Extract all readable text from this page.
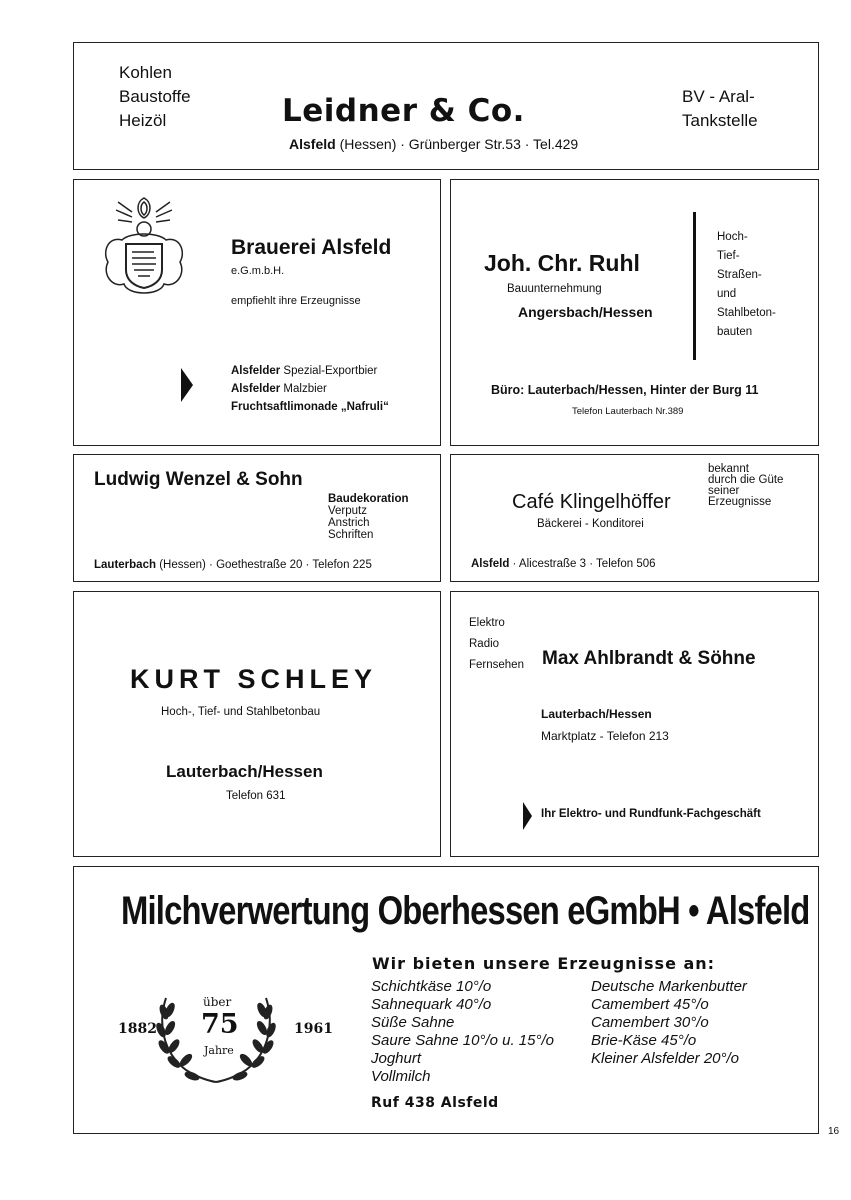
Kohlen
Baustoffe
Heizöl	Leidner & Co.
Alsfeld (Hessen) · Grünberger Str.53 · Tel.429
BV - Aral-
Tankstelle
Brauerei Alsfeld
e.G.m.b.H.
empfiehlt ihre Erzeugnisse
Alsfelder Spezial-Exportbier
Alsfelder Malzbier
Fruchtsaftlimonade „Nafruli“
Joh. Chr. Ruhl
Bauunternehmung
Angersbach/Hessen
Hoch-
Tief-
Straßen-
und
Stahlbeton-
bauten
Büro: Lauterbach/Hessen, Hinter der Burg 11
Telefon Lauterbach Nr.389
Ludwig Wenzel & Sohn
Baudekoration
Verputz
Anstrich
Schriften
Lauterbach (Hessen) · Goethestraße 20 · Telefon 225
bekannt
durch die Güte
seiner
Erzeugnisse
Café Klingelhöffer
Bäckerei - Konditorei
Alsfeld · Alicestraße 3 · Telefon 506
KURT SCHLEY
Hoch-, Tief- und Stahlbetonbau
Lauterbach/Hessen
Telefon 631
Elektro
Radio
Fernsehen Max Ahlbrandt & Söhne
Lauterbach/Hessen
Marktplatz - Telefon 213
Ihr Elektro- und Rundfunk-Fachgeschäft
Milchverwertung Oberhessen eGmbH • Alsfeld
Wir bieten unsere Erzeugnisse an:
1882
über
75
Jahre
1961
Schichtkäse 10°/o
Sahnequark 40°/o
Süße Sahne
Saure Sahne 10°/o u. 15°/o
Joghurt
Vollmilch
Deutsche Markenbutter
Camembert 45°/o
Camembert 30°/o
Brie-Käse 45°/o
Kleiner Alsfelder 20°/o
Ruf 438 Alsfeld
16
